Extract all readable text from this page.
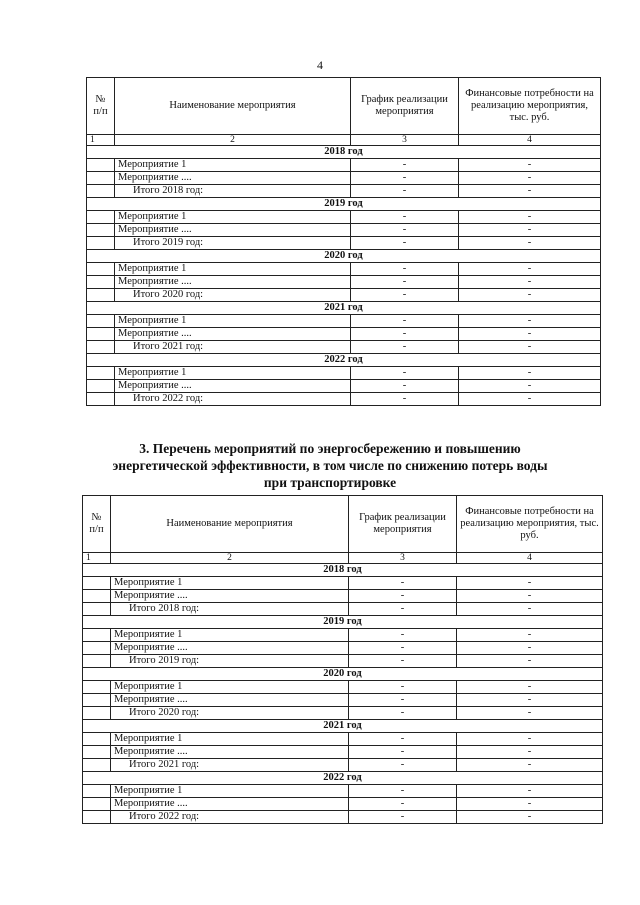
4
№ п/п	Наименование мероприятия	График реализации мероприятия	Финансовые потребности на реализацию мероприятия, тыс. руб.
1	2	3	4
2018 год			
	Мероприятие 1	-	-
	Мероприятие ....	-	-
	Итого 2018 год:	-	-
2019 год			
	Мероприятие 1	-	-
	Мероприятие ....	-	-
	Итого 2019 год:	-	-
2020 год			
	Мероприятие 1	-	-
	Мероприятие ....	-	-
	Итого 2020 год:	-	-
2021 год			
	Мероприятие 1	-	-
	Мероприятие ....	-	-
	Итого 2021 год:	-	-
2022 год			
	Мероприятие 1	-	-
	Мероприятие ....	-	-
	Итого 2022 год:	-	-
3. Перечень мероприятий по энергосбережению и повышению энергетической эффективности, в том числе по снижению потерь воды при транспортировке
№ п/п	Наименование мероприятия	График реализации мероприятия	Финансовые потребности на реализацию мероприятия, тыс. руб.
1	2	3	4
2018 год			
	Мероприятие 1	-	-
	Мероприятие ....	-	-
	Итого 2018 год:	-	-
2019 год			
	Мероприятие 1	-	-
	Мероприятие ....	-	-
	Итого 2019 год:	-	-
2020 год			
	Мероприятие 1	-	-
	Мероприятие ....	-	-
	Итого 2020 год:	-	-
2021 год			
	Мероприятие 1	-	-
	Мероприятие ....	-	-
	Итого 2021 год:	-	-
2022 год			
	Мероприятие 1	-	-
	Мероприятие ....	-	-
	Итого 2022 год:	-	-
